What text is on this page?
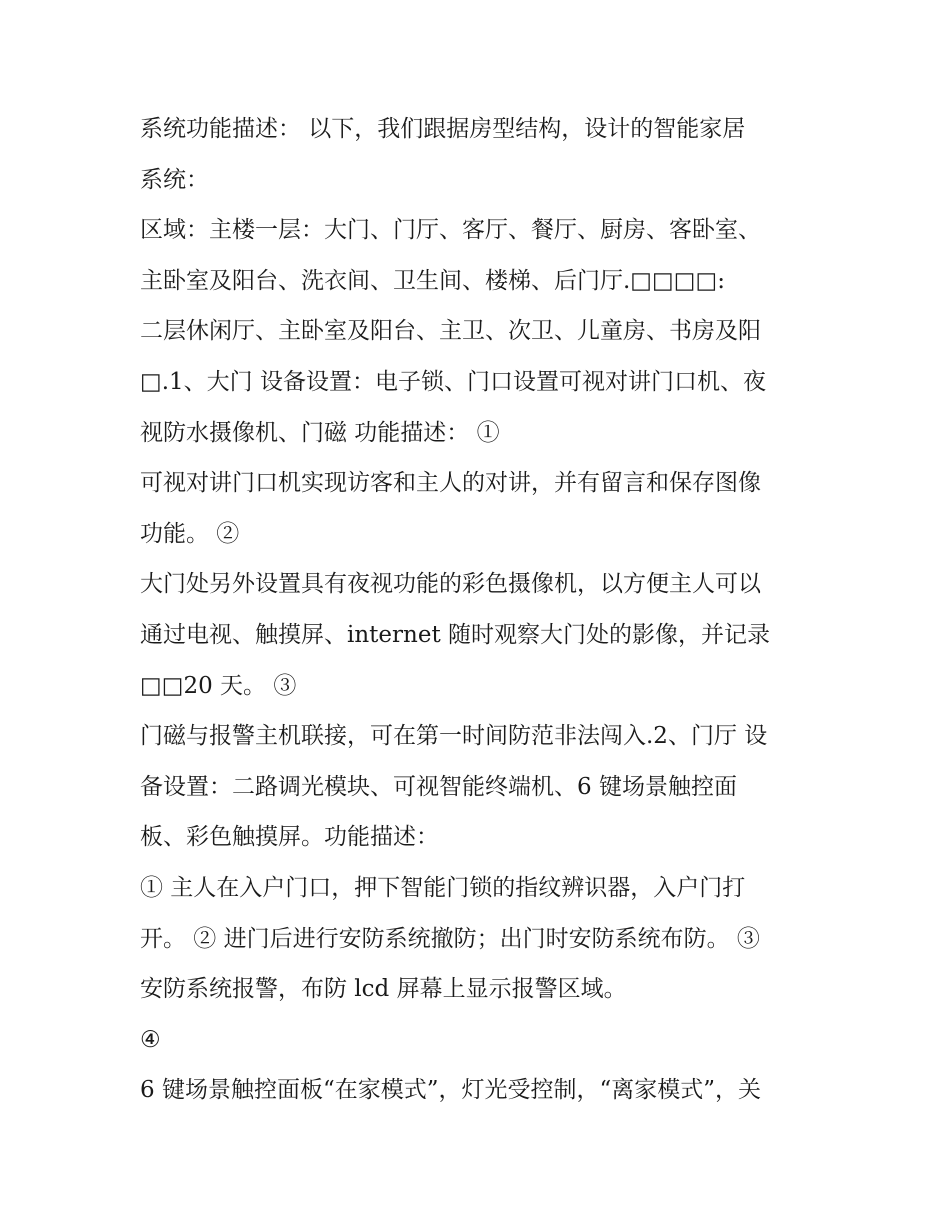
系统功能描述： 以下，我们跟据房型结构，设计的智能家居

系统：

区域：主楼一层：大门、门厅、客厅、餐厅、厨房、客卧室、

主卧室及阳台、洗衣间、卫生间、楼梯、后门厅.□□□□:

二层休闲厅、主卧室及阳台、主卫、次卫、儿童房、书房及阳

□.1、大门 设备设置：电子锁、门口设置可视对讲门口机、夜

视防水摄像机、门磁 功能描述： ①

可视对讲门口机实现访客和主人的对讲，并有留言和保存图像

功能。 ②

大门处另外设置具有夜视功能的彩色摄像机，以方便主人可以

通过电视、触摸屏、internet 随时观察大门处的影像，并记录

□□20 天。 ③

门磁与报警主机联接，可在第一时间防范非法闯入.2、门厅 设

备设置：二路调光模块、可视智能终端机、6 键场景触控面

板、彩色触摸屏。功能描述：

① 主人在入户门口，押下智能门锁的指纹辨识器，入户门打

开。 ② 进门后进行安防系统撤防；出门时安防系统布防。 ③

安防系统报警，布防 lcd 屏幕上显示报警区域。

④

6 键场景触控面板“在家模式”，灯光受控制，“离家模式”，关
